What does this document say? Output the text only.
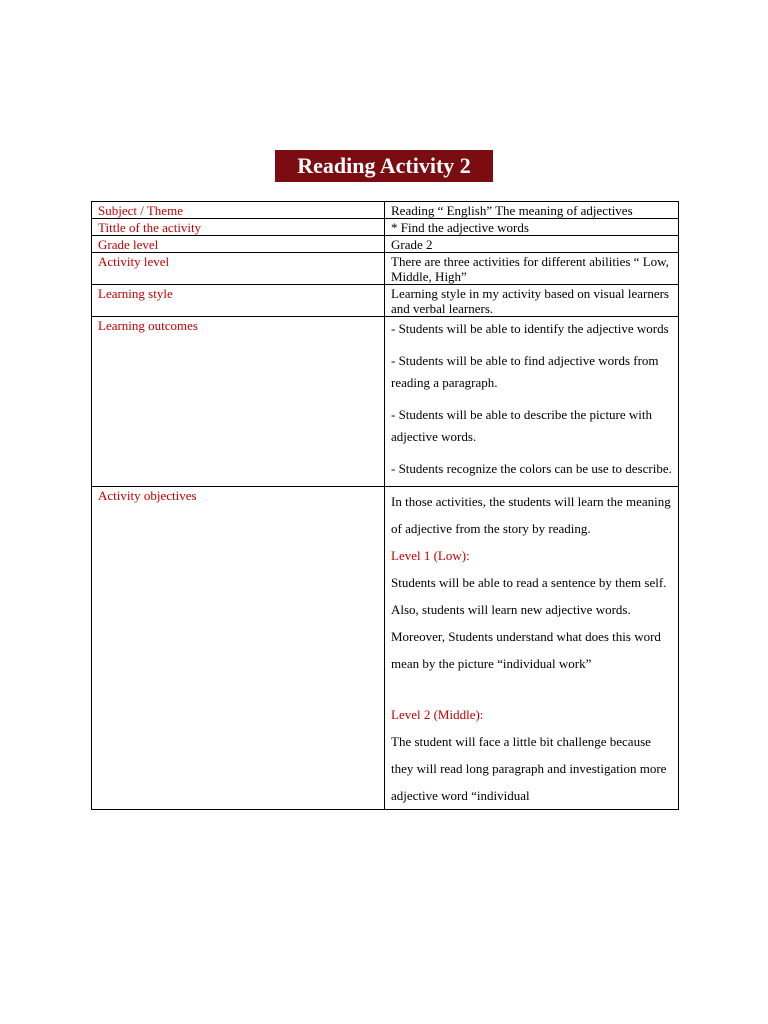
Reading Activity 2
Subject / Theme	Reading “ English” The meaning of adjectives
Tittle of the activity	* Find the adjective words
Grade level	Grade 2
Activity level	There are three activities for different abilities “ Low, Middle, High”
Learning style	Learning style in my activity based on visual learners and verbal learners.
Learning outcomes	- Students will be able to identify the adjective words

- Students will be able to find adjective words from reading a paragraph.

- Students will be able to describe the picture with adjective words.

- Students recognize the colors can be use to describe.

Activity objectives	In those activities, the students will learn the meaning of adjective from the story by reading.

Level 1 (Low):

Students will be able to read a sentence by them self. Also, students will learn new adjective words. Moreover, Students understand what does this word mean by the picture “individual work”

Level 2 (Middle):

The student will face a little bit challenge because they will read long paragraph and investigation more adjective word “individual
